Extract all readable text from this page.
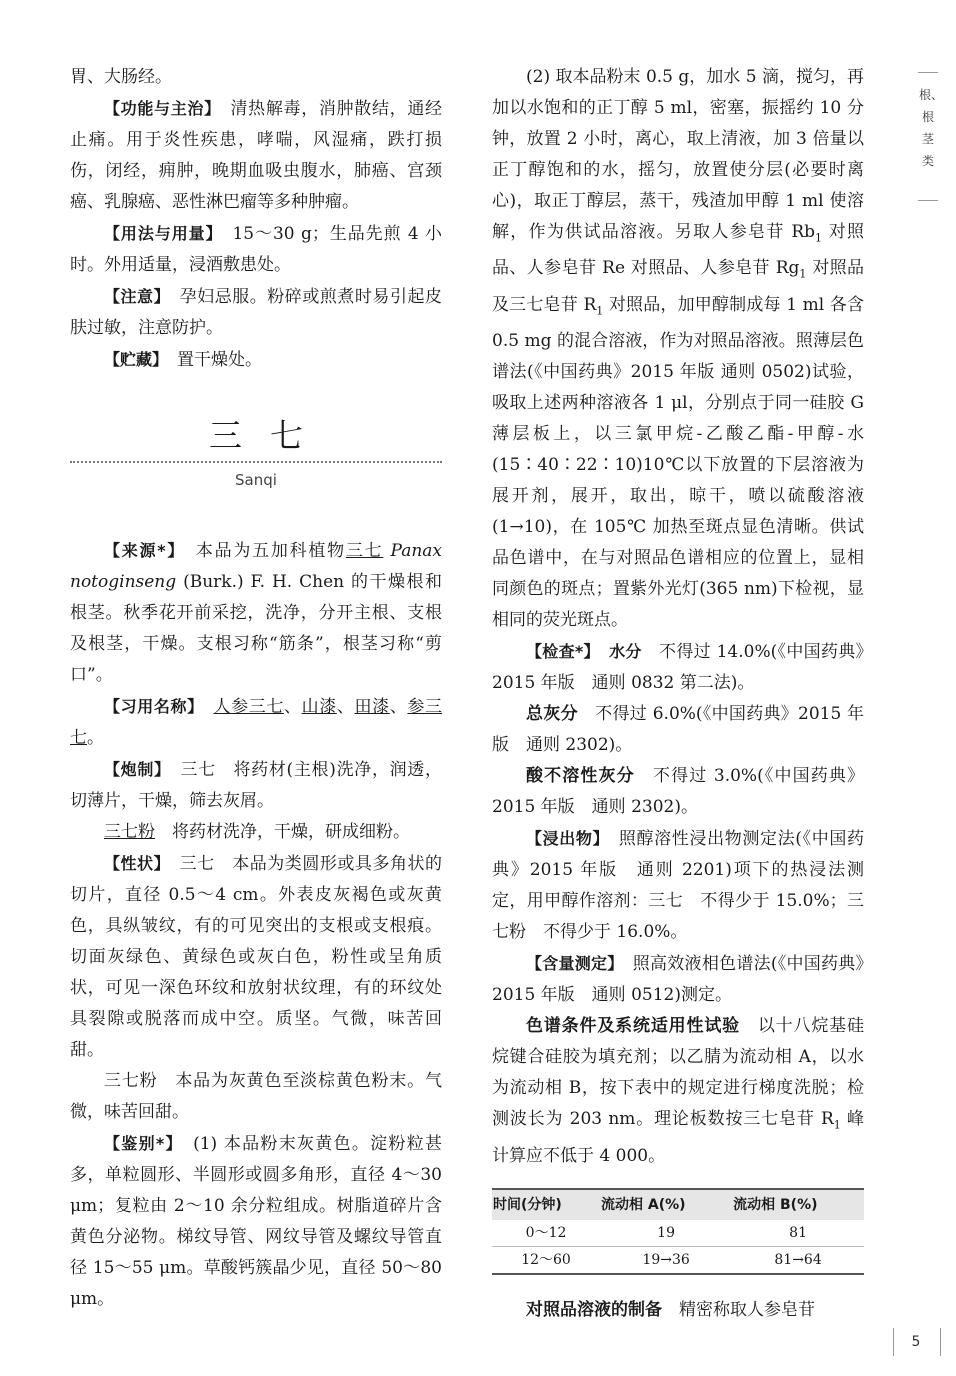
胃、大肠经。

【功能与主治】　 清热解毒，消肿散结，通经止痛。用于炎性疾患，哮喘，风湿痛，跌打损伤，闭经，痈肿，晚期血吸虫腹水，肺癌、宫颈癌、乳腺癌、恶性淋巴瘤等多种肿瘤。

【用法与用量】　 15～30 g；生品先煎 4 小时。外用适量，浸酒敷患处。

【注意】　 孕妇忌服。粉碎或煎煮时易引起皮肤过敏，注意防护。

【贮藏】　 置干燥处。

三七
Sanqi

【来源*】　 本品为五加科植物三七 Panax notoginseng (Burk.) F. H. Chen 的干燥根和根茎。秋季花开前采挖，洗净，分开主根、支根及根茎，干燥。支根习称“筋条”，根茎习称“剪口”。

【习用名称】　 人参三七、山漆、田漆、参三七。

【炮制】　 三七　 将药材(主根)洗净，润透，切薄片，干燥，筛去灰屑。

三七粉　 将药材洗净，干燥，研成细粉。

【性状】　 三七　 本品为类圆形或具多角状的切片，直径 0.5～4 cm。外表皮灰褐色或灰黄色，具纵皱纹，有的可见突出的支根或支根痕。切面灰绿色、黄绿色或灰白色，粉性或呈角质状，可见一深色环纹和放射状纹理，有的环纹处具裂隙或脱落而成中空。质坚。气微，味苦回甜。

三七粉　 本品为灰黄色至淡棕黄色粉末。气微，味苦回甜。

【鉴别*】　 (1) 本品粉末灰黄色。淀粉粒甚多，单粒圆形、半圆形或圆多角形，直径 4～30 μm；复粒由 2～10 余分粒组成。树脂道碎片含黄色分泌物。梯纹导管、网纹导管及螺纹导管直径 15～55 μm。草酸钙簇晶少见，直径 50～80 μm。

(2) 取本品粉末 0.5 g，加水 5 滴，搅匀，再加以水饱和的正丁醇 5 ml，密塞，振摇约 10 分钟，放置 2 小时，离心，取上清液，加 3 倍量以正丁醇饱和的水，摇匀，放置使分层(必要时离心)，取正丁醇层，蒸干，残渣加甲醇 1 ml 使溶解，作为供试品溶液。另取人参皂苷 $Rb_1$ 对照品、人参皂苷 Re 对照品、人参皂苷 $Rg_1$ 对照品及三七皂苷 $R_1$ 对照品，加甲醇制成每 1 ml 各含 0.5 mg 的混合溶液，作为对照品溶液。照薄层色谱法(《中国药典》2015 年版 通则 0502)试验，吸取上述两种溶液各 1 μl，分别点于同一硅胶 G 薄层板上，以三氯甲烷-乙酸乙酯-甲醇-水(15∶40∶22∶10)10℃以下放置的下层溶液为展开剂，展开，取出，晾干，喷以硫酸溶液(1→10)，在 105℃ 加热至斑点显色清晰。供试品色谱中，在与对照品色谱相应的位置上，显相同颜色的斑点；置紫外光灯(365 nm)下检视，显相同的荧光斑点。

【检查*】　 水分　 不得过 14.0%(《中国药典》2015 年版　通则 0832 第二法)。

总灰分　 不得过 6.0%(《中国药典》2015 年版　通则 2302)。

酸不溶性灰分　 不得过 3.0%(《中国药典》2015 年版　通则 2302)。

【浸出物】　 照醇溶性浸出物测定法(《中国药典》2015 年版　通则 2201)项下的热浸法测定，用甲醇作溶剂：三七　 不得少于 15.0%；三七粉　 不得少于 16.0%。

【含量测定】　 照高效液相色谱法(《中国药典》2015 年版　通则 0512)测定。

色谱条件及系统适用性试验　 以十八烷基硅烷键合硅胶为填充剂；以乙腈为流动相 A，以水为流动相 B，按下表中的规定进行梯度洗脱；检测波长为 203 nm。理论板数按三七皂苷 $R_1$ 峰计算应不低于 4 000。

时间(分钟)	流动相 A(%)	流动相 B(%)
0～12	19	81
12～60	19→36	81→64

对照品溶液的制备　 精密称取人参皂苷

根、根茎类
5
